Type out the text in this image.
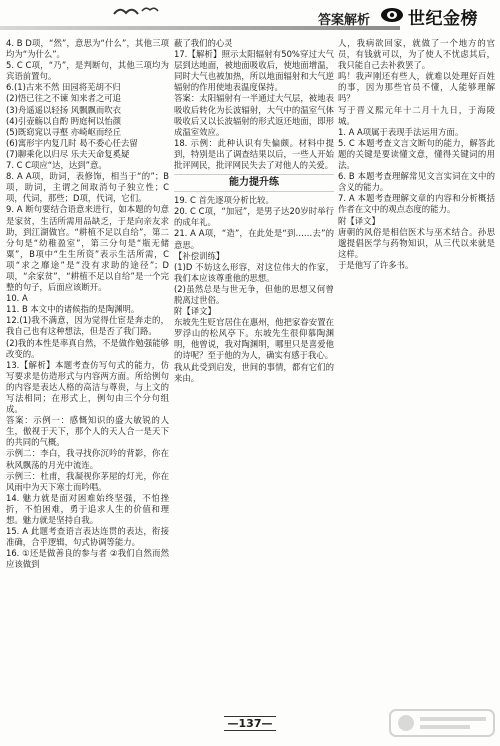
答案解析 世纪金榜

4. B D项，“然”，意思为“什么”，其他三项均为“为什么”。

5. C C项，“乃”，是判断句，其他三项均为宾语前置句。

6.(1)古来不然 田园将芜胡不归

(2)悟已往之不谏 知来者之可追

(3)舟遥遥以轻扬 风飘飘而吹衣

(4)引壶觞以自酌 眄庭柯以怡颜

(5)既窈窕以寻壑 亦崎岖而经丘

(6)寓形宇内复几时 曷不委心任去留

(7)聊乘化以归尽 乐夫天命复奚疑

7. C C项应“达，达到”意。

8. A A项，助词，表修饰，相当于“的”；B项，助词，主谓之间取消句子独立性；C项，代词，那些；D项，代词，它们。

9. A 断句要结合语意来进行，如本题的句意是家贫，生活所需用品缺乏，于是向亲友求助，到江湖做官。“耕植不足以自给”，第二分句是“幼稚盈室”，第三分句是“瓶无储粟”，B项中“生生所资”表示生活所需，C项“求之靡途”是“没有求助的途径”；D项，“余家贫”，“耕植不足以自给”是一个完整的句子，后面应该断开。

10. A

11. B 本文中的诸候指的是陶渊明。

12.(1)我不满意，因为觉得仕宦是奔走的，我自己也有这种想法，但是否了我门路。

(2)我的本性是率真自然，不是做作勉强能够改变的。

13.【解析】本题考查仿写句式的能力，仿写要求是仿造形式与内容两方面。所给例句的内容是表达人格的高洁与尊贵，与上文的写法相同；在形式上，例句由三个分句组成。

答案：示例一：感慨知识的盛大敏锐的人生，傲视于天下，那个人的天人合一是天下的共同的气概。

示例二：李白，我寻找你沉吟的背影，你在秋风飘荡的月光中流连。

示例三：杜甫，我凝视你茅屋的灯光，你在风雨中为天下寒士而吟唱。

14. 魅力就是面对困难始终坚强，不怕挫折，不怕困难，勇于追求人生的价值和理想。魅力就是坚持自我。

15. A 此题考查语言表达连贯的表达，衔接准确，合乎逻辑，句式协调等能力。

16. ①还是做善良的参与者 ②我们自然而然应该做到

蔽了我们的心灵

17.【解析】照示太阳辐射有50%穿过大气层到达地面，被地面吸收后，使地面增温，同时大气也被加热，所以地面辐射和大气逆辐射的作用使地表温度保持。

答案：太阳辐射有一半通过大气层，被地表吸收后转化为长波辐射，大气中的温室气体吸收后又以长波辐射的形式返还地面，即形成温室效应。

18. 示例：此种认识有失偏颇。材料中提到，特别是出了调查结果以后，一些人开始批评网民，批评网民失去了对他人的关爱。

能力提升练

19. C 首先逐项分析比较。

20. C C项，“加冠”，是男子达20岁时举行的成年礼。

21. A A项，“造”，在此处是“到……去”的意思。

【补偿训练】

(1)D 不妨这么形容，对这位伟大的作家，我们本应该尊重他的思想。

(2)虽然总是与世无争，但他的思想又何曾脱离过世俗。

附【译文】

东坡先生贬官居住在惠州，他把家眷安置在罗浮山的松风亭下。东坡先生很仰慕陶渊明，他曾说，我对陶渊明，哪里只是喜爱他的诗呢？至于他的为人，确实有感于我心。

我从此受到启发，世间的事情，都有它们的来由。

人，我病欲回家，就做了一个地方的官员，有钱就可以，为了使人不忧虑其后，我只能自己去补救罢了。

呜！我声刚还有些人，就难以处理好百姓的事，因为那些官员不懂，人能够理解吗？

写于晋义熙元年十二月十九日，于海陵城。

1. A A项属于表现手法运用方面。

5. C 本题考查文言文断句的能力，解答此题的关键是要读懂文意，懂得关键词的用法。

6. B 本题考查理解常见文言实词在文中的含义的能力。

7. A 本题考查理解文章的内容和分析概括作者在文中的观点态度的能力。

附【译文】

唐朝的风俗是相信医术与巫术结合。孙思邈提倡医学与药物知识，从三代以来就是这样。

于是他写了许多书。

—137—
